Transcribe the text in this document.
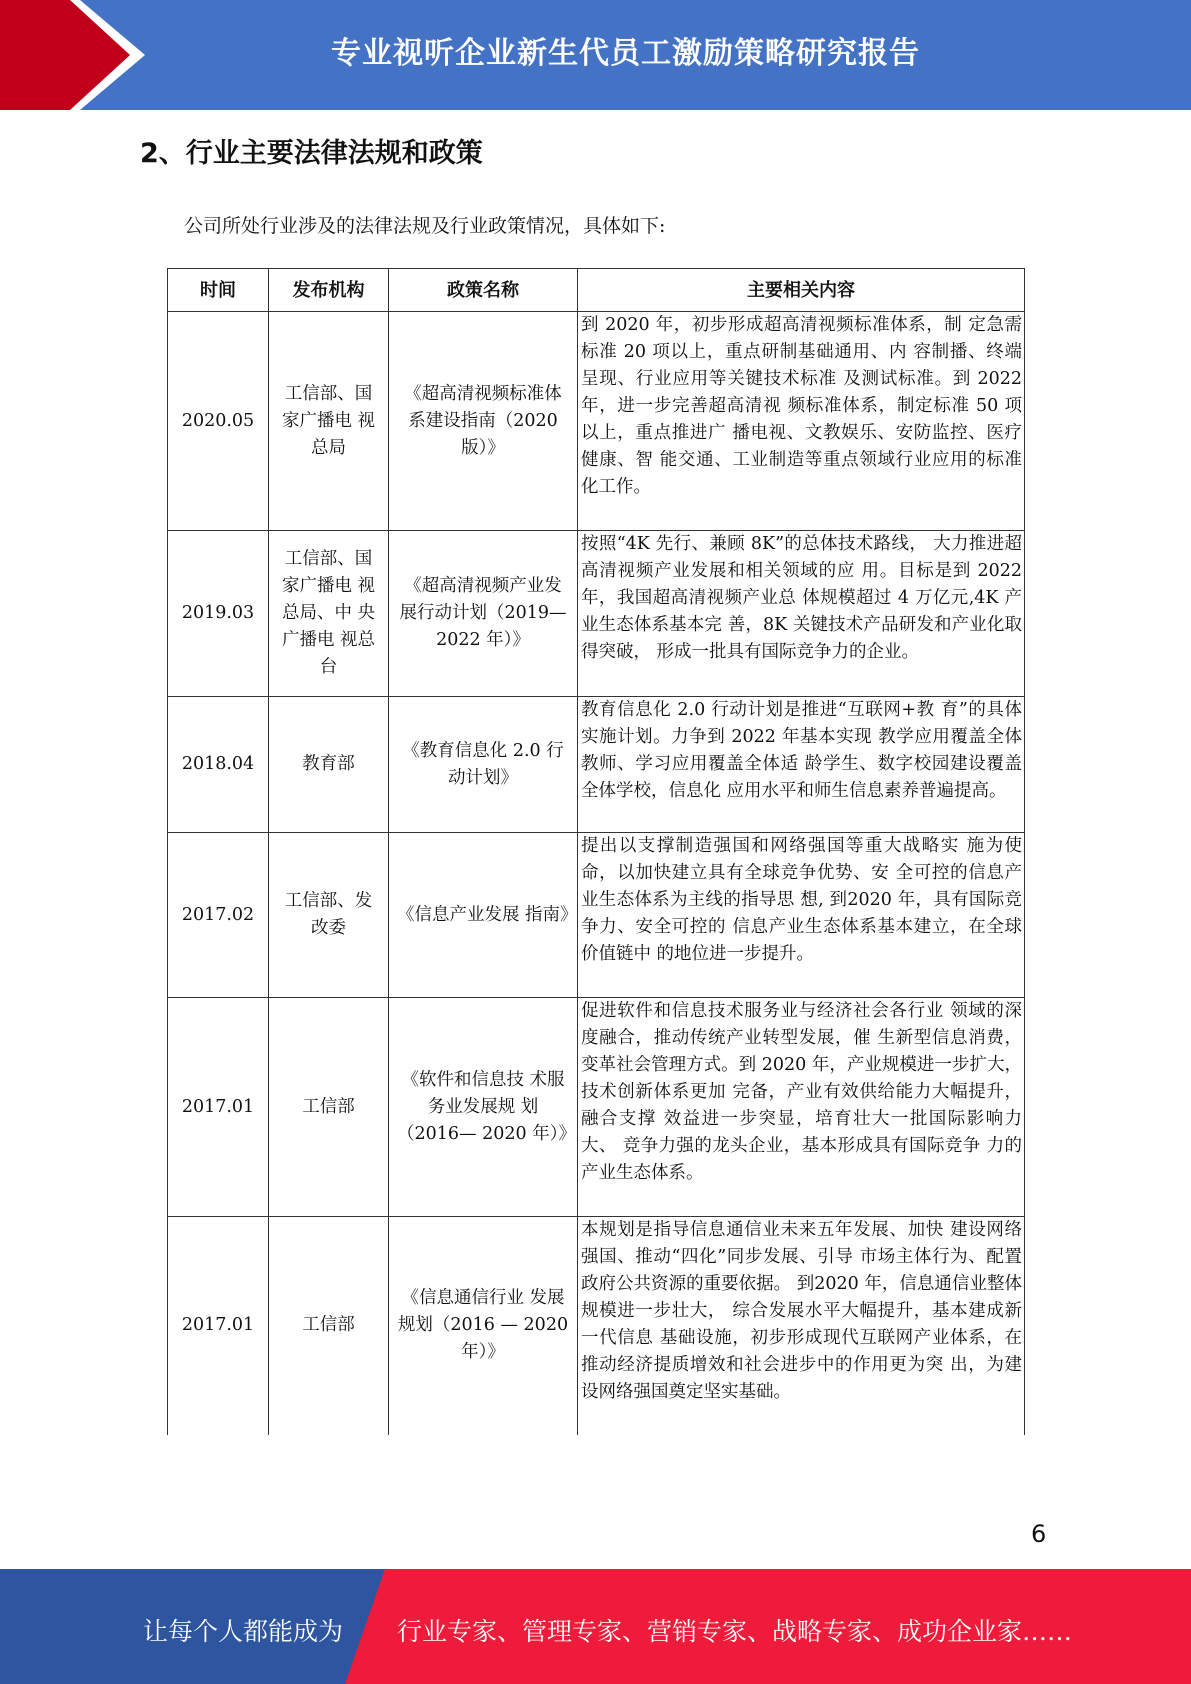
专业视听企业新生代员工激励策略研究报告
2、行业主要法律法规和政策
公司所处行业涉及的法律法规及行业政策情况，具体如下:
时间	发布机构	政策名称	主要相关内容
2020.05	工信部、国家广播电 视总局	《超高清视频标准体系建设指南（2020 版）》	到 2020 年，初步形成超高清视频标准体系，制 定急需标准 20 项以上，重点研制基础通用、内 容制播、终端呈现、行业应用等关键技术标准 及测试标准。到 2022 年，进一步完善超高清视 频标准体系，制定标准 50 项以上，重点推进广 播电视、文教娱乐、安防监控、医疗健康、智 能交通、工业制造等重点领域行业应用的标准 化工作。
2019.03	工信部、国家广播电 视总局、中 央广播电 视总台	《超高清视频产业发展行动计划（2019—2022 年）》	按照“4K 先行、兼顾 8K”的总体技术路线， 大力推进超高清视频产业发展和相关领域的应 用。目标是到 2022 年，我国超高清视频产业总 体规模超过 4 万亿元,4K 产业生态体系基本完 善，8K 关键技术产品研发和产业化取得突破， 形成一批具有国际竞争力的企业。
2018.04	教育部	《教育信息化 2.0 行动计划》	教育信息化 2.0 行动计划是推进“互联网+教 育”的具体实施计划。力争到 2022 年基本实现 教学应用覆盖全体教师、学习应用覆盖全体适 龄学生、数字校园建设覆盖全体学校，信息化 应用水平和师生信息素养普遍提高。
2017.02	工信部、发改委	《信息产业发展 指南》	提出以支撑制造强国和网络强国等重大战略实 施为使命，以加快建立具有全球竞争优势、安 全可控的信息产业生态体系为主线的指导思 想, 到2020 年，具有国际竞争力、安全可控的 信息产业生态体系基本建立，在全球价值链中 的地位进一步提升。
2017.01	工信部	《软件和信息技 术服务业发展规 划（2016— 2020 年）》	促进软件和信息技术服务业与经济社会各行业 领域的深度融合，推动传统产业转型发展，催 生新型信息消费，变革社会管理方式。到 2020 年，产业规模进一步扩大，技术创新体系更加 完备，产业有效供给能力大幅提升，融合支撑 效益进一步突显，培育壮大一批国际影响力大、 竞争力强的龙头企业，基本形成具有国际竞争 力的产业生态体系。
2017.01	工信部	《信息通信行业 发展规划（2016 — 2020 年）》	本规划是指导信息通信业未来五年发展、加快 建设网络强国、推动“四化”同步发展、引导 市场主体行为、配置政府公共资源的重要依据。 到2020 年，信息通信业整体规模进一步壮大， 综合发展水平大幅提升，基本建成新一代信息 基础设施，初步形成现代互联网产业体系，在 推动经济提质增效和社会进步中的作用更为突 出，为建设网络强国奠定坚实基础。
6
让每个人都能成为 行业专家、管理专家、营销专家、战略专家、成功企业家……
